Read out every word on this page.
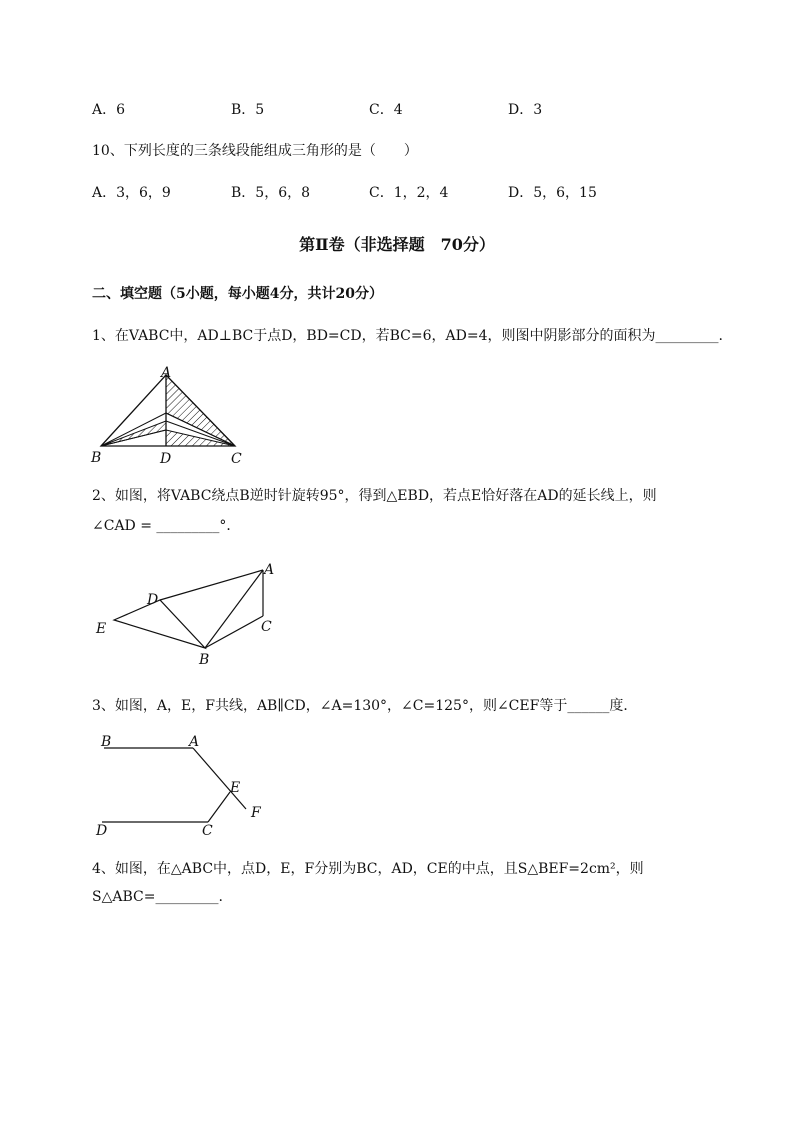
A．6	B．5	C．4	D．3
10、下列长度的三条线段能组成三角形的是（　　）
A．3，6，9	B．5，6，8	C．1，2，4	D．5，6，15
第Ⅱ卷（非选择题　70分）
二、填空题（5小题，每小题4分，共计20分）
1、在VABC中，AD⊥BC于点D，BD=CD，若BC=6，AD=4，则图中阴影部分的面积为_________.
A
B	D	C
2、如图，将VABC绕点B逆时针旋转95°，得到△EBD，若点E恰好落在AD的延长线上，则
∠CAD = _________°．
A
D
E	C
B
3、如图，A，E，F共线，AB∥CD，∠A=130°，∠C=125°，则∠CEF等于______度．
B	A
E
F
D	C
4、如图，在△ABC中，点D，E，F分别为BC，AD，CE的中点，且S△BEF=2cm²，则
S△ABC=_________.
